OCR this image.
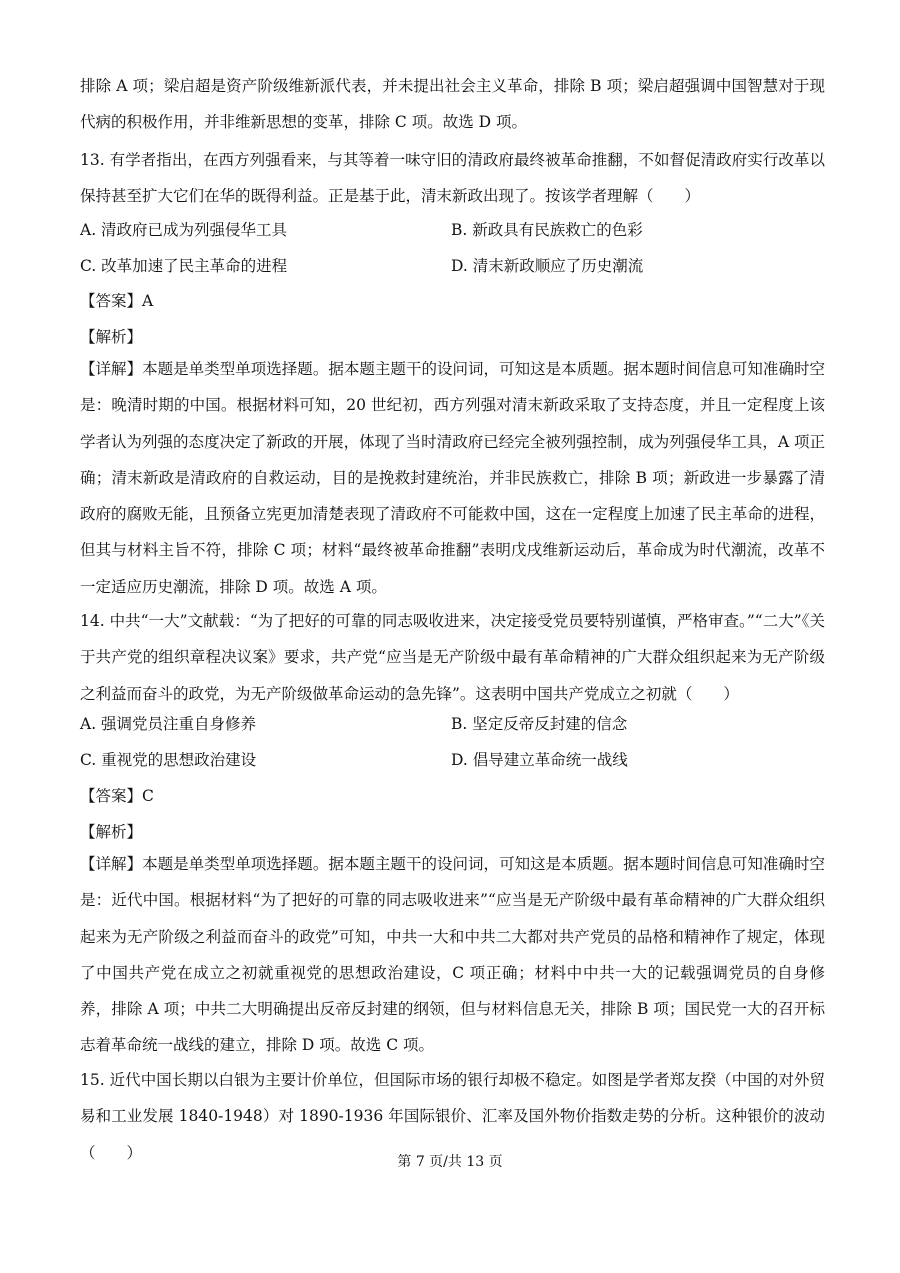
排除 A 项；梁启超是资产阶级维新派代表，并未提出社会主义革命，排除 B 项；梁启超强调中国智慧对于现代病的积极作用，并非维新思想的变革，排除 C 项。故选 D 项。

13. 有学者指出，在西方列强看来，与其等着一味守旧的清政府最终被革命推翻，不如督促清政府实行改革以保持甚至扩大它们在华的既得利益。正是基于此，清末新政出现了。按该学者理解（　　）

A. 清政府已成为列强侵华工具	B. 新政具有民族救亡的色彩
C. 改革加速了民主革命的进程	D. 清末新政顺应了历史潮流
【答案】A
【解析】

【详解】本题是单类型单项选择题。据本题主题干的设问词，可知这是本质题。据本题时间信息可知准确时空是：晚清时期的中国。根据材料可知，20 世纪初，西方列强对清末新政采取了支持态度，并且一定程度上该学者认为列强的态度决定了新政的开展，体现了当时清政府已经完全被列强控制，成为列强侵华工具，A 项正确；清末新政是清政府的自救运动，目的是挽救封建统治，并非民族救亡，排除 B 项；新政进一步暴露了清政府的腐败无能，且预备立宪更加清楚表现了清政府不可能救中国，这在一定程度上加速了民主革命的进程，但其与材料主旨不符，排除 C 项；材料“最终被革命推翻”表明戊戌维新运动后，革命成为时代潮流，改革不一定适应历史潮流，排除 D 项。故选 A 项。

14. 中共“一大”文献载：“为了把好的可靠的同志吸收进来，决定接受党员要特别谨慎，严格审查。”“二大”《关于共产党的组织章程决议案》要求，共产党“应当是无产阶级中最有革命精神的广大群众组织起来为无产阶级之利益而奋斗的政党，为无产阶级做革命运动的急先锋”。这表明中国共产党成立之初就（　　）

A. 强调党员注重自身修养	B. 坚定反帝反封建的信念
C. 重视党的思想政治建设	D. 倡导建立革命统一战线
【答案】C
【解析】

【详解】本题是单类型单项选择题。据本题主题干的设问词，可知这是本质题。据本题时间信息可知准确时空是：近代中国。根据材料“为了把好的可靠的同志吸收进来”“应当是无产阶级中最有革命精神的广大群众组织起来为无产阶级之利益而奋斗的政党”可知，中共一大和中共二大都对共产党员的品格和精神作了规定，体现了中国共产党在成立之初就重视党的思想政治建设，C 项正确；材料中中共一大的记载强调党员的自身修养，排除 A 项；中共二大明确提出反帝反封建的纲领，但与材料信息无关，排除 B 项；国民党一大的召开标志着革命统一战线的建立，排除 D 项。故选 C 项。

15. 近代中国长期以白银为主要计价单位，但国际市场的银行却极不稳定。如图是学者郑友揆（中国的对外贸易和工业发展 1840-1948）对 1890-1936 年国际银价、汇率及国外物价指数走势的分析。这种银价的波动（　　）

第 7 页/共 13 页
